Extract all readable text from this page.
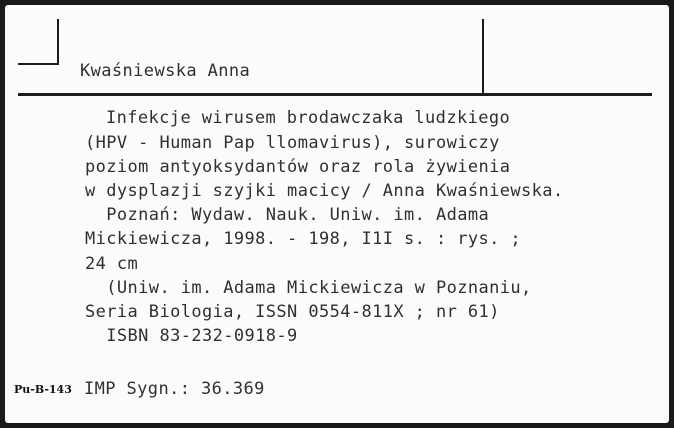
Kwaśniewska Anna
Infekcje wirusem brodawczaka ludzkiego
(HPV - Human Pap llomavirus), surowiczy
poziom antyoksydantów oraz rola żywienia
w dysplazji szyjki macicy / Anna Kwaśniewska.
Poznań: Wydaw. Nauk. Uniw. im. Adama
Mickiewicza, 1998. - 198, I1I s. : rys. ;
24 cm
(Uniw. im. Adama Mickiewicza w Poznaniu,
Seria Biologia, ISSN 0554-811X ; nr 61)
ISBN 83-232-0918-9
Pu-B-143 IMP Sygn.: 36.369
